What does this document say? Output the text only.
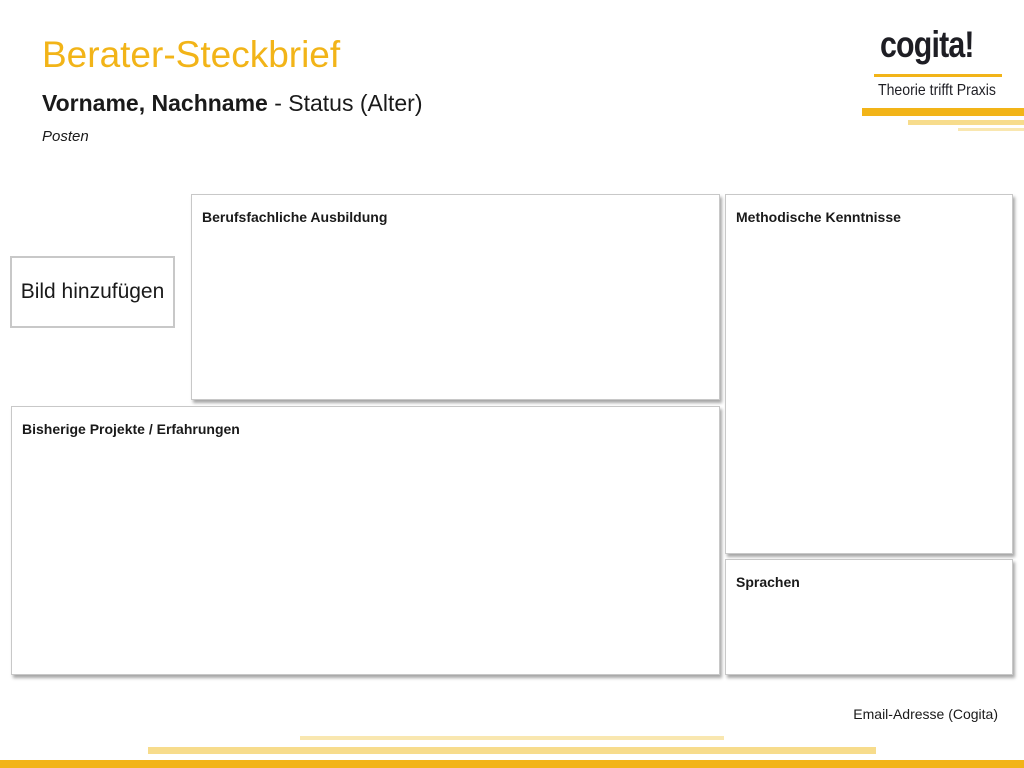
Berater-Steckbrief
Vorname, Nachname - Status (Alter)
Posten
cogita!
Theorie trifft Praxis
Bild hinzufügen
Berufsfachliche Ausbildung	Methodische Kenntnisse
Bisherige Projekte / Erfahrungen
Sprachen
Email-Adresse (Cogita)
